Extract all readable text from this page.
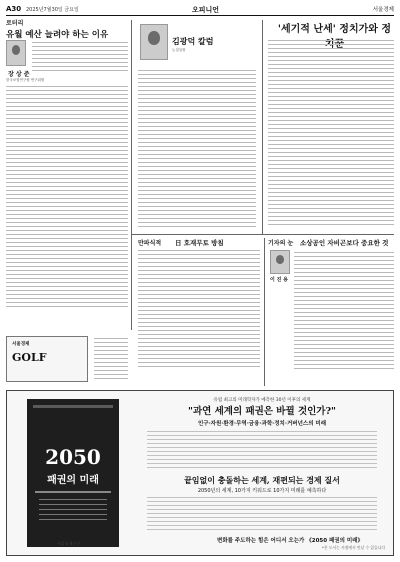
A30 2025년7월30일 금요일	오피니언	서울경제
로터리
유월 예산 늘려야 하는 이유
장 상 준
한국보험연구원 연구위원
김광덕 칼럼
논설실장
'세기적 난세' 정치가와 정
만파식적 日 호재무토 방침	기자의 눈 소상공인 자비곤보다 중요한 것
이 진 용
서울경제
GOLF
2050
패권의 미래
서울경제신문
유럽 최고의 미래학자가 예측한 30년 이후의 세계
"과연 세계의 패권은 바뀔 것인가?"
인구·자원·환경·무역·금융·과학·정치·거버넌스의 미래
끝임없이 충돌하는 세계, 재편되는 경제 질서
2050년의 세계, 10가지 키워드로 10가지 미래를 예측하다
변화를 주도하는 힘은 어디서 오는가 《2050 패권의 미래》
*본 도서는 서점에서 만날 수 있습니다
